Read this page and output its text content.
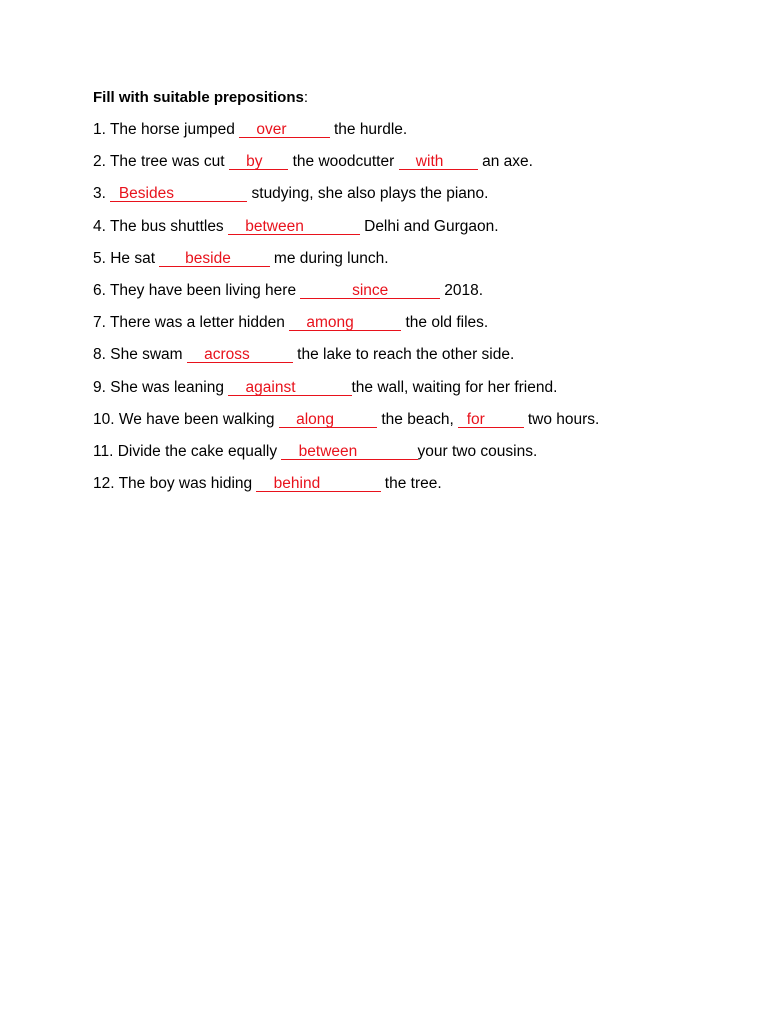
Fill with suitable prepositions:
1. The horse jumped     over           the hurdle.
2. The tree was cut     by       the woodcutter     with         an axe.
3.   Besides                  studying, she also plays the piano.
4. The bus shuttles     between              Delhi and Gurgaon.
5. He sat       beside          me during lunch.
6. They have been living here             since             2018.
7. There was a letter hidden     among            the old files.
8. She swam     across           the lake to reach the other side.
9. She was leaning     against             the wall, waiting for her friend.
10. We have been walking     along           the beach,   for          two hours.
11. Divide the cake equally     between              your two cousins.
12. The boy was hiding     behind               the tree.
